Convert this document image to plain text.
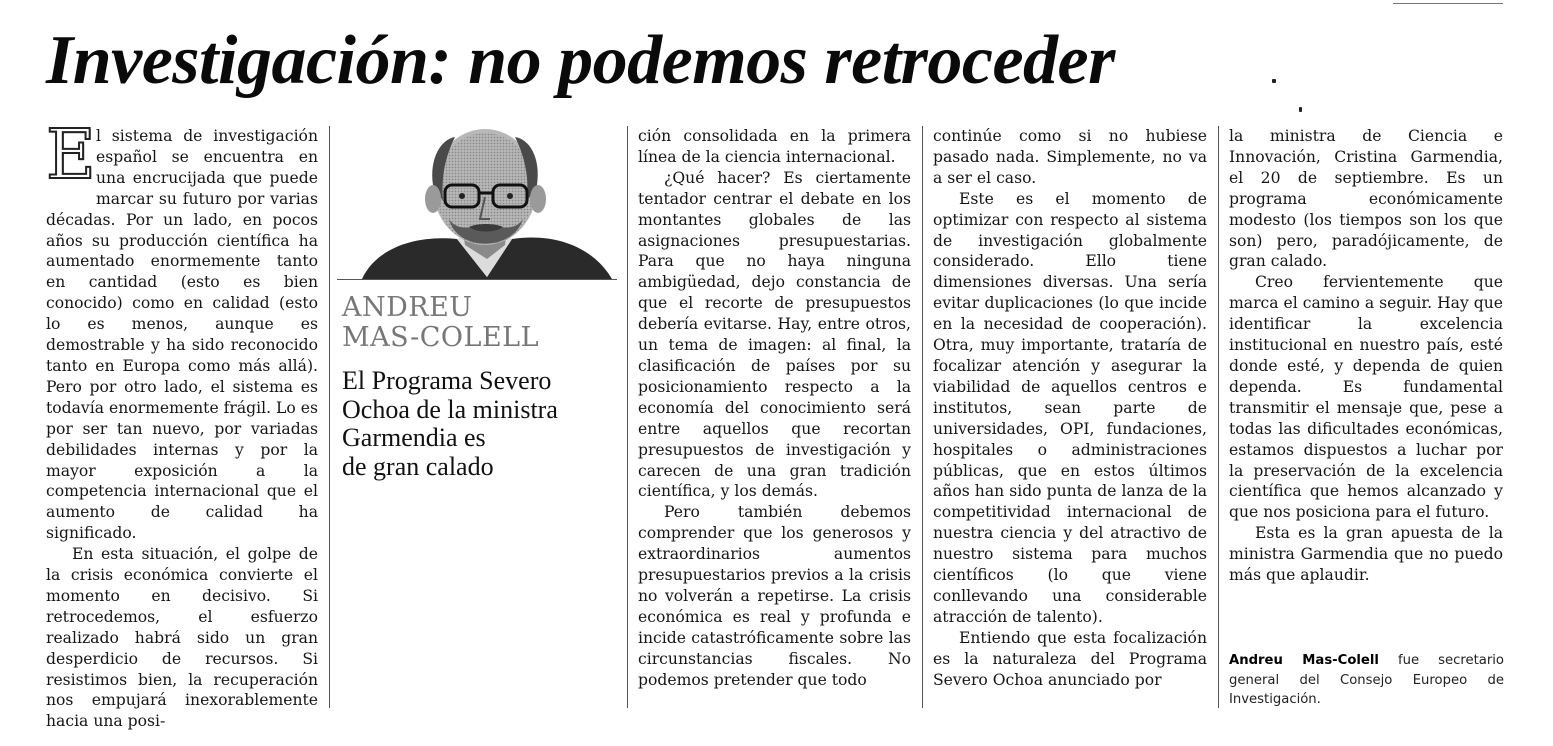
Investigación: no podemos retroceder

El sistema de investigación español se encuentra en una encrucijada que puede marcar su futuro por varias décadas. Por un lado, en pocos años su producción científica ha aumentado enormemente tanto en cantidad (esto es bien conocido) como en calidad (esto lo es menos, aunque es demostrable y ha sido reconocido tanto en Europa como más allá). Pero por otro lado, el sistema es todavía enormemente frágil. Lo es por ser tan nuevo, por variadas debilidades internas y por la mayor exposición a la competencia internacional que el aumento de calidad ha significado.

En esta situación, el golpe de la crisis económica convierte el momento en decisivo. Si retrocedemos, el esfuerzo realizado habrá sido un gran desperdicio de recursos. Si resistimos bien, la recuperación nos empujará inexorablemente hacia una posi-

ANDREU
MAS-COLELL
El Programa Severo
Ochoa de la ministra
Garmendia es
de gran calado

ción consolidada en la primera línea de la ciencia internacional.

¿Qué hacer? Es ciertamente tentador centrar el debate en los montantes globales de las asignaciones presupuestarias. Para que no haya ninguna ambigüedad, dejo constancia de que el recorte de presupuestos debería evitarse. Hay, entre otros, un tema de imagen: al final, la clasificación de países por su posicionamiento respecto a la economía del conocimiento será entre aquellos que recortan presupuestos de investigación y carecen de una gran tradición científica, y los demás.

Pero también debemos comprender que los generosos y extraordinarios aumentos presupuestarios previos a la crisis no volverán a repetirse. La crisis económica es real y profunda e incide catastróficamente sobre las circunstancias fiscales. No podemos pretender que todo

continúe como si no hubiese pasado nada. Simplemente, no va a ser el caso.

Este es el momento de optimizar con respecto al sistema de investigación globalmente considerado. Ello tiene dimensiones diversas. Una sería evitar duplicaciones (lo que incide en la necesidad de cooperación). Otra, muy importante, trataría de focalizar atención y asegurar la viabilidad de aquellos centros e institutos, sean parte de universidades, OPI, fundaciones, hospitales o administraciones públicas, que en estos últimos años han sido punta de lanza de la competitividad internacional de nuestra ciencia y del atractivo de nuestro sistema para muchos científicos (lo que viene conllevando una considerable atracción de talento).

Entiendo que esta focalización es la naturaleza del Programa Severo Ochoa anunciado por

la ministra de Ciencia e Innovación, Cristina Garmendia, el 20 de septiembre. Es un programa económicamente modesto (los tiempos son los que son) pero, paradójicamente, de gran calado.

Creo fervientemente que marca el camino a seguir. Hay que identificar la excelencia institucional en nuestro país, esté donde esté, y dependa de quien dependa. Es fundamental transmitir el mensaje que, pese a todas las dificultades económicas, estamos dispuestos a luchar por la preservación de la excelencia científica que hemos alcanzado y que nos posiciona para el futuro.

Esta es la gran apuesta de la ministra Garmendia que no puedo más que aplaudir.

Andreu Mas-Colell fue secretario general del Consejo Europeo de Investigación.
